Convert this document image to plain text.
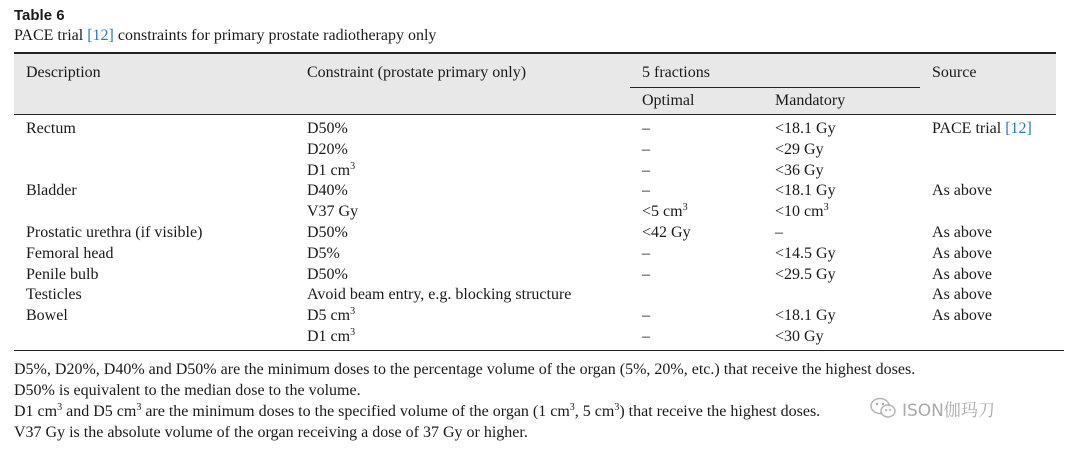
Table 6
PACE trial [12] constraints for primary prostate radiotherapy only
Description	Constraint (prostate primary only)	5 fractions		Source
		Optimal	Mandatory	
Rectum	D50%	–	<18.1 Gy	PACE trial [12]
	D20%	–	<29 Gy	
	D1 $cm^3$	–	<36 Gy	
Bladder	D40%	–	<18.1 Gy	As above
	V37 Gy	<5 $cm^3$	<10 $cm^3$	
Prostatic urethra (if visible)	D50%	<42 Gy	–	As above
Femoral head	D5%	–	<14.5 Gy	As above
Penile bulb	D50%	–	<29.5 Gy	As above
Testicles	Avoid beam entry, e.g. blocking structure			As above
Bowel	D5 $cm^3$	–	<18.1 Gy	As above
	D1 $cm^3$	–	<30 Gy	

D5%, D20%, D40% and D50% are the minimum doses to the percentage volume of the organ (5%, 20%, etc.) that receive the highest doses.

D50% is equivalent to the median dose to the volume.

D1 $cm^3$ and D5 $cm^3$ are the minimum doses to the specified volume of the organ (1 $cm^3$, 5 $cm^3$) that receive the highest doses.

V37 Gy is the absolute volume of the organ receiving a dose of 37 Gy or higher.

ISON伽玛刀
